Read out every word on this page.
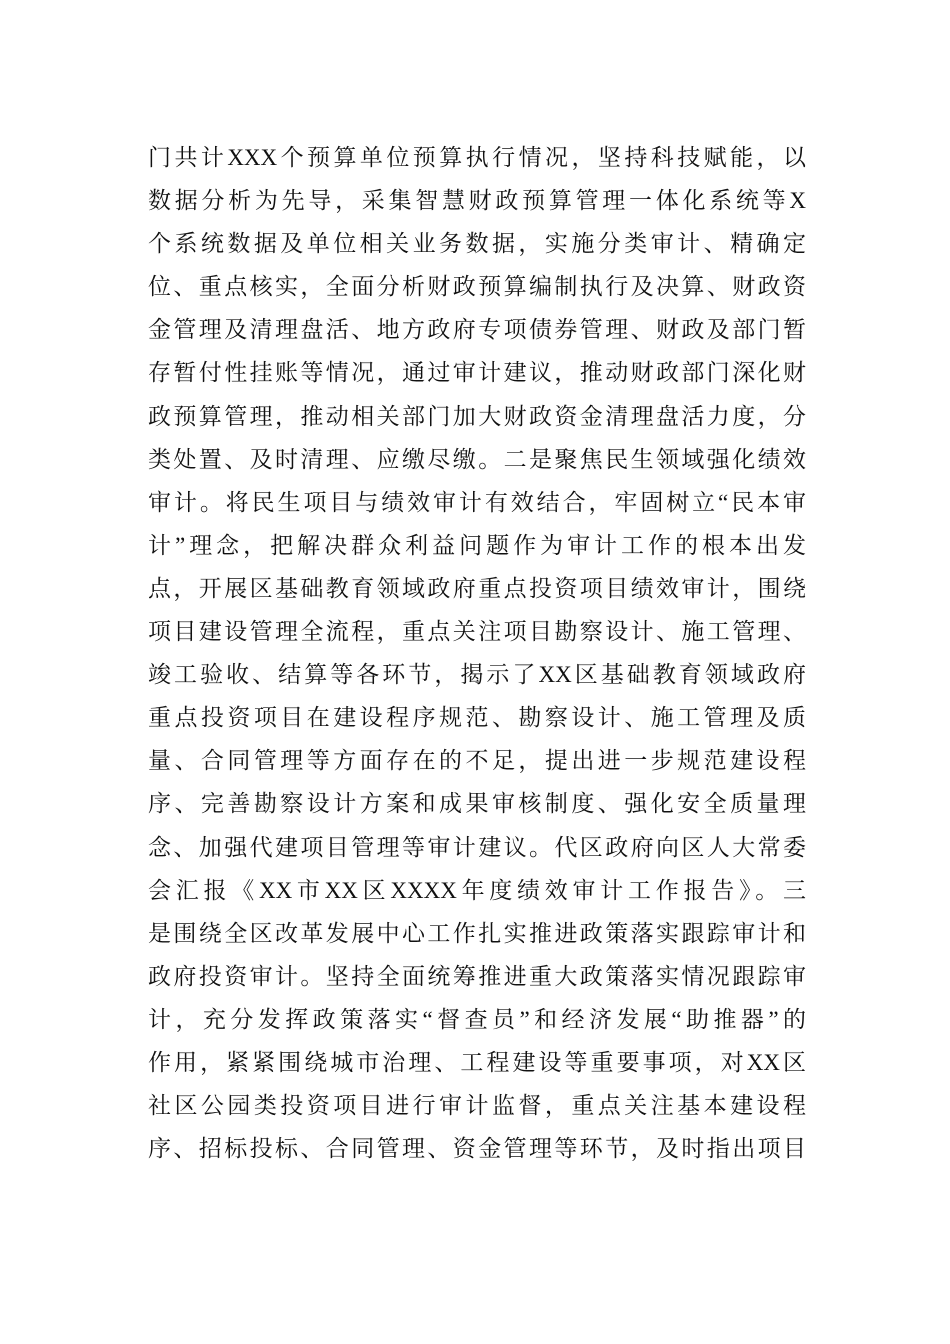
门共计XXX个预算单位预算执行情况，坚持科技赋能，以
数据分析为先导，采集智慧财政预算管理一体化系统等X
个系统数据及单位相关业务数据，实施分类审计、精确定
位、重点核实，全面分析财政预算编制执行及决算、财政资
金管理及清理盘活、地方政府专项债券管理、财政及部门暂
存暂付性挂账等情况，通过审计建议，推动财政部门深化财
政预算管理，推动相关部门加大财政资金清理盘活力度，分
类处置、及时清理、应缴尽缴。二是聚焦民生领域强化绩效
审计。将民生项目与绩效审计有效结合，牢固树立“民本审
计”理念，把解决群众利益问题作为审计工作的根本出发
点，开展区基础教育领域政府重点投资项目绩效审计，围绕
项目建设管理全流程，重点关注项目勘察设计、施工管理、
竣工验收、结算等各环节，揭示了XX区基础教育领域政府
重点投资项目在建设程序规范、勘察设计、施工管理及质
量、合同管理等方面存在的不足，提出进一步规范建设程
序、完善勘察设计方案和成果审核制度、强化安全质量理
念、加强代建项目管理等审计建议。代区政府向区人大常委
会汇报《XX市XX区XXXX年度绩效审计工作报告》。三
是围绕全区改革发展中心工作扎实推进政策落实跟踪审计和
政府投资审计。坚持全面统筹推进重大政策落实情况跟踪审
计，充分发挥政策落实“督查员”和经济发展“助推器”的
作用，紧紧围绕城市治理、工程建设等重要事项，对XX区
社区公园类投资项目进行审计监督，重点关注基本建设程
序、招标投标、合同管理、资金管理等环节，及时指出项目
